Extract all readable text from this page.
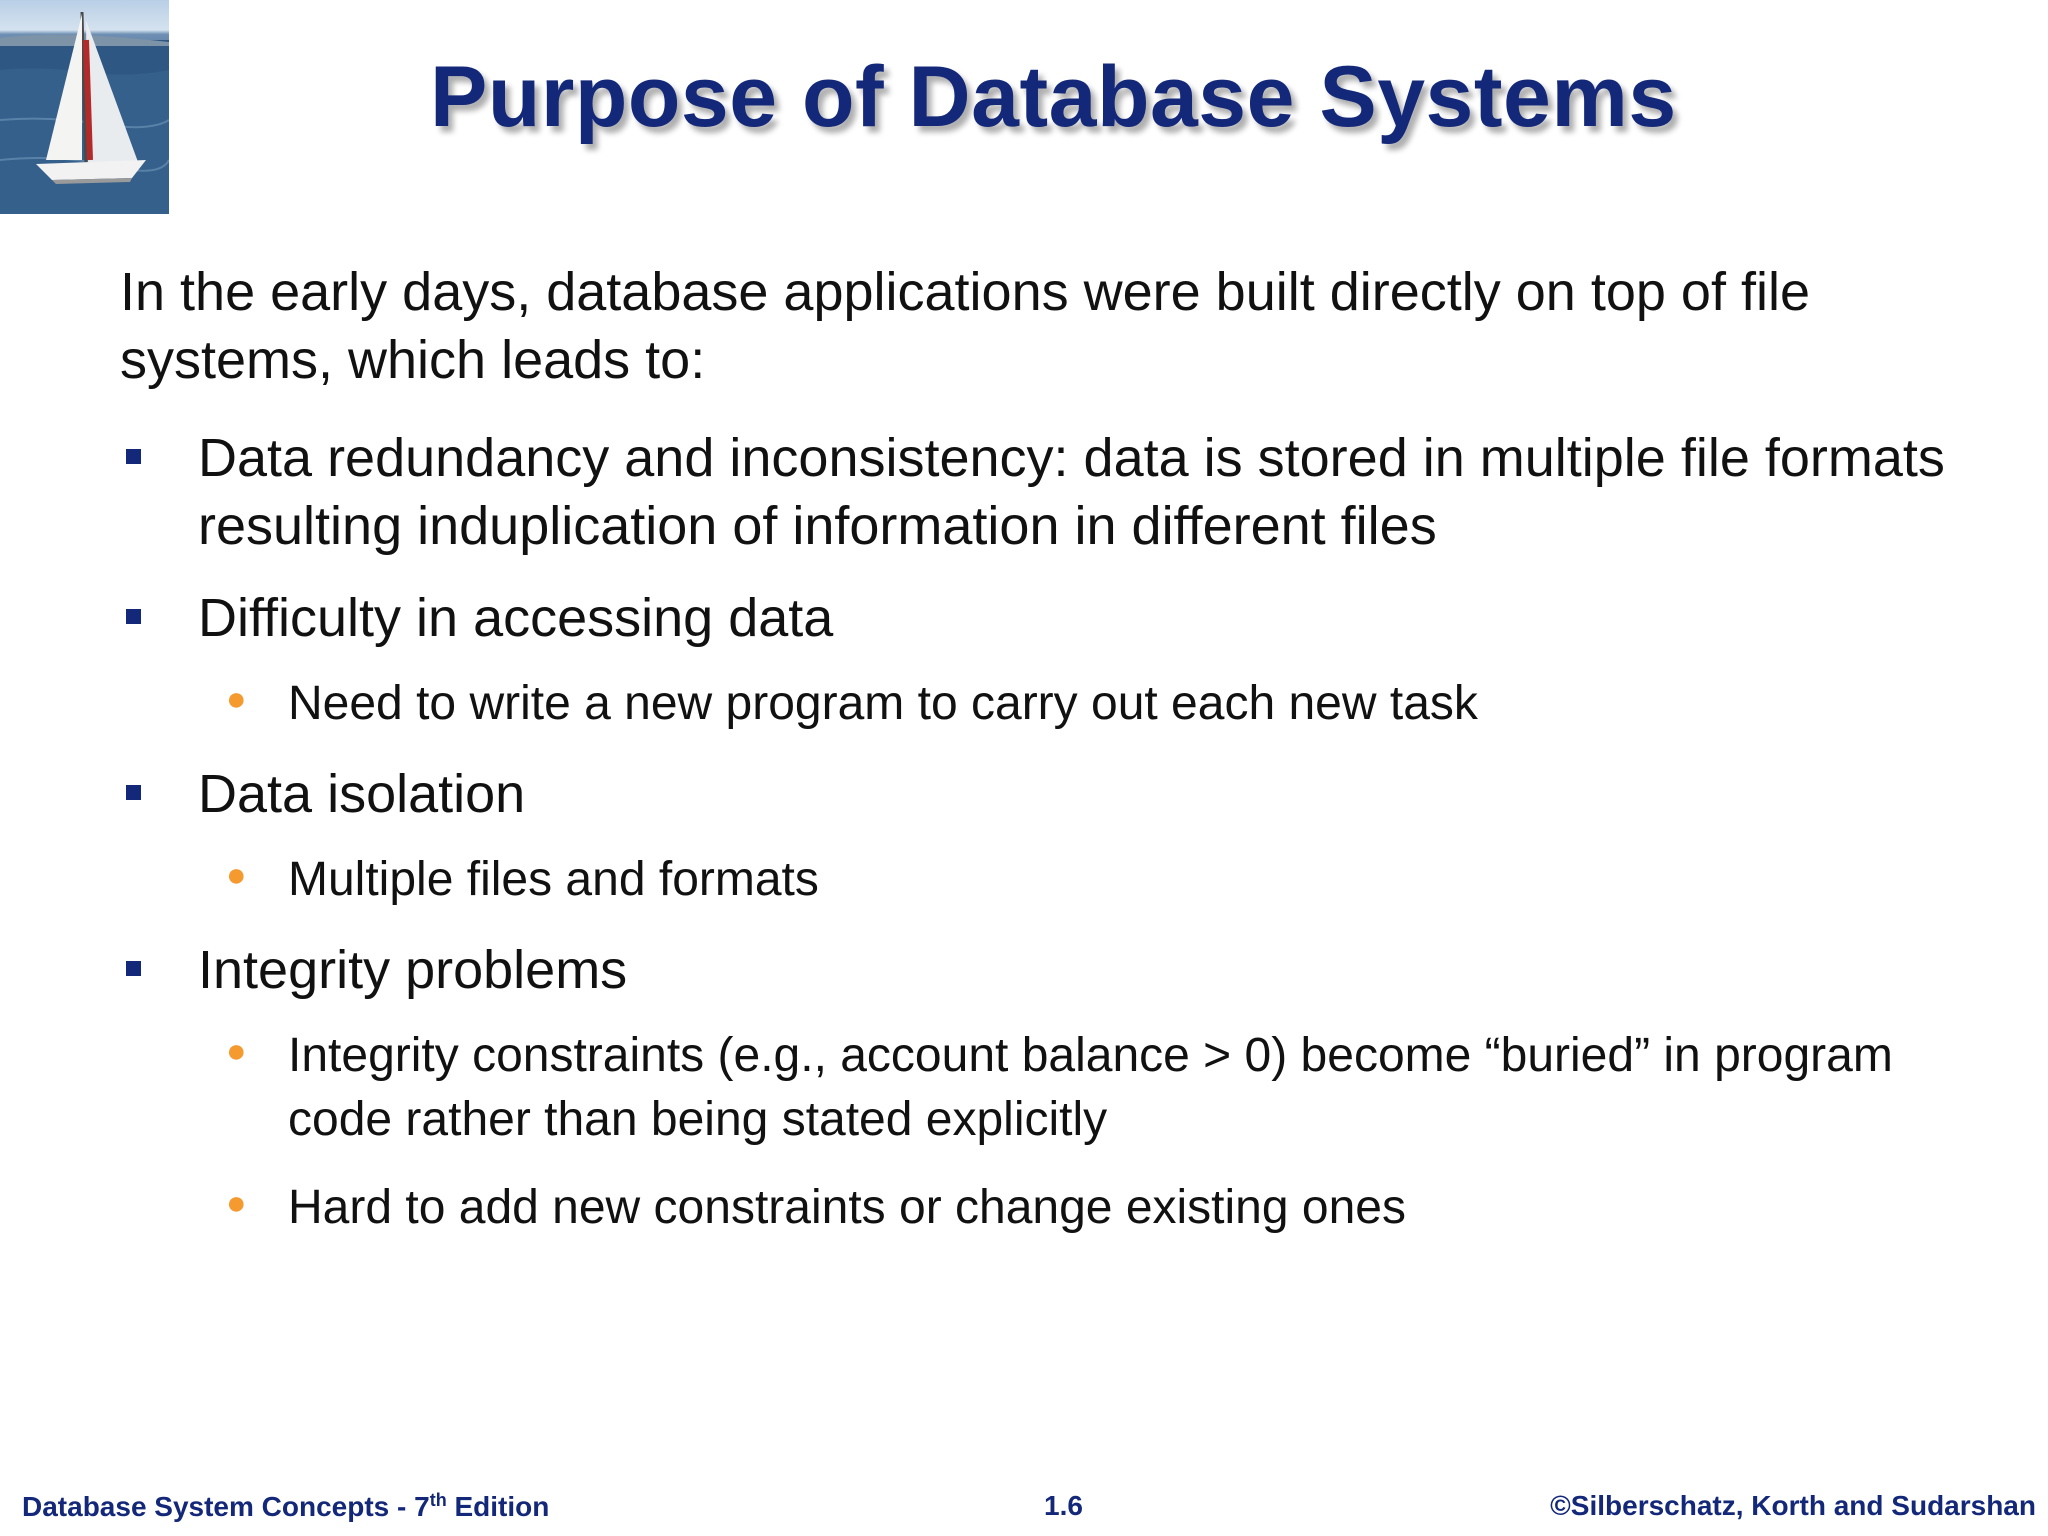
Purpose of Database Systems

In the early days, database applications were built directly on top of file systems, which leads to:

Data redundancy and inconsistency: data is stored in multiple file formats resulting induplication of information in different files

Difficulty in accessing data

● Need to write a new program to carry out each new task

Data isolation

● Multiple files and formats

Integrity problems

● Integrity constraints (e.g., account balance > 0) become “buried” in program code rather than being stated explicitly

● Hard to add new constraints or change existing ones

Database System Concepts - 7th Edition	1.6	©Silberschatz, Korth and Sudarshan
